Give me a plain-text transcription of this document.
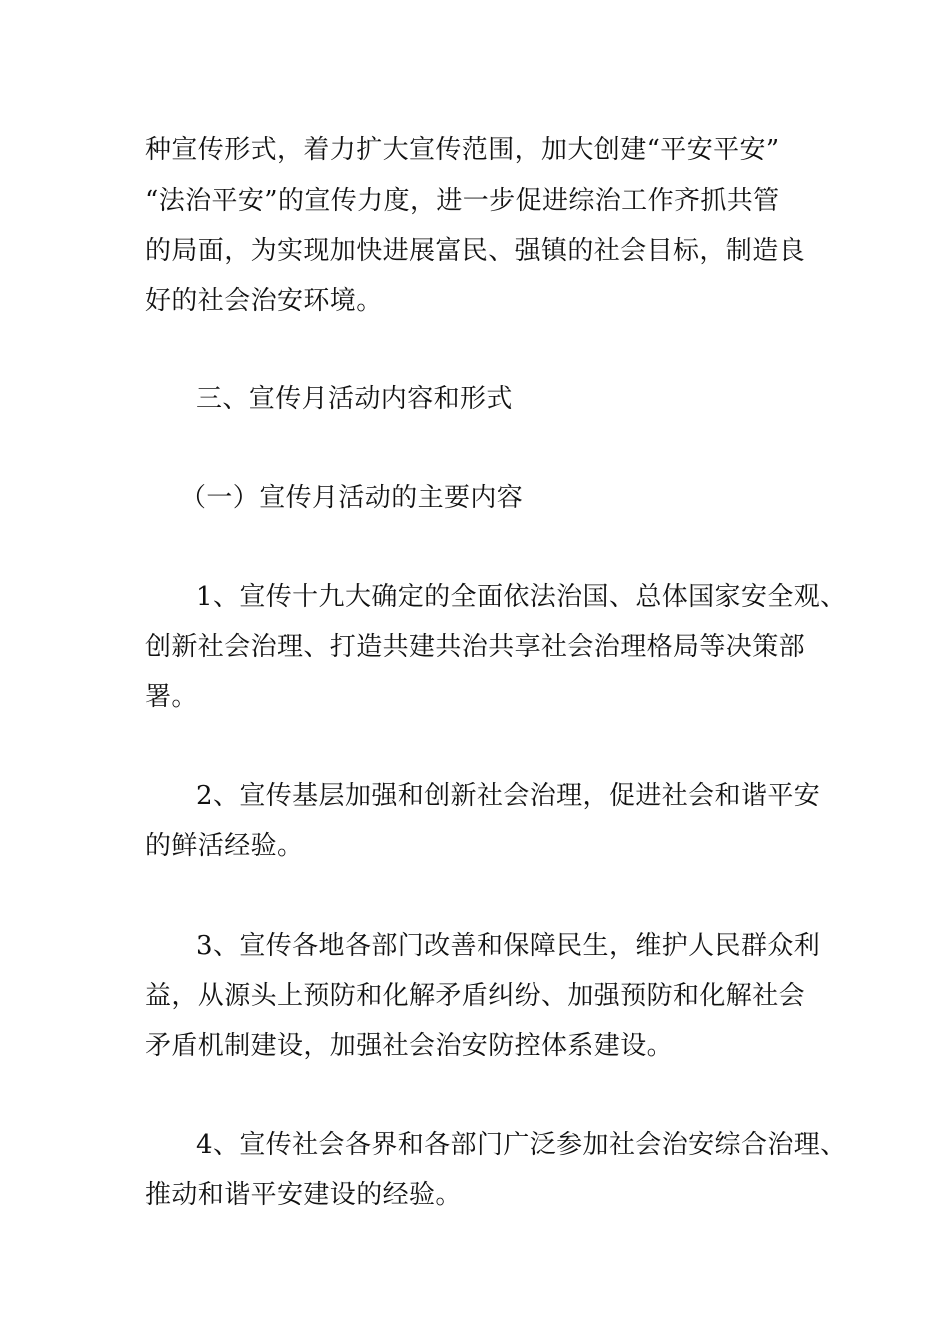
种宣传形式，着力扩大宣传范围，加大创建“平安平安”
“法治平安”的宣传力度，进一步促进综治工作齐抓共管
的局面，为实现加快进展富民、强镇的社会目标，制造良
好的社会治安环境。
三、宣传月活动内容和形式
（一）宣传月活动的主要内容
1、宣传十九大确定的全面依法治国、总体国家安全观、
创新社会治理、打造共建共治共享社会治理格局等决策部
署。
2、宣传基层加强和创新社会治理，促进社会和谐平安
的鲜活经验。
3、宣传各地各部门改善和保障民生，维护人民群众利
益，从源头上预防和化解矛盾纠纷、加强预防和化解社会
矛盾机制建设，加强社会治安防控体系建设。
4、宣传社会各界和各部门广泛参加社会治安综合治理、
推动和谐平安建设的经验。
